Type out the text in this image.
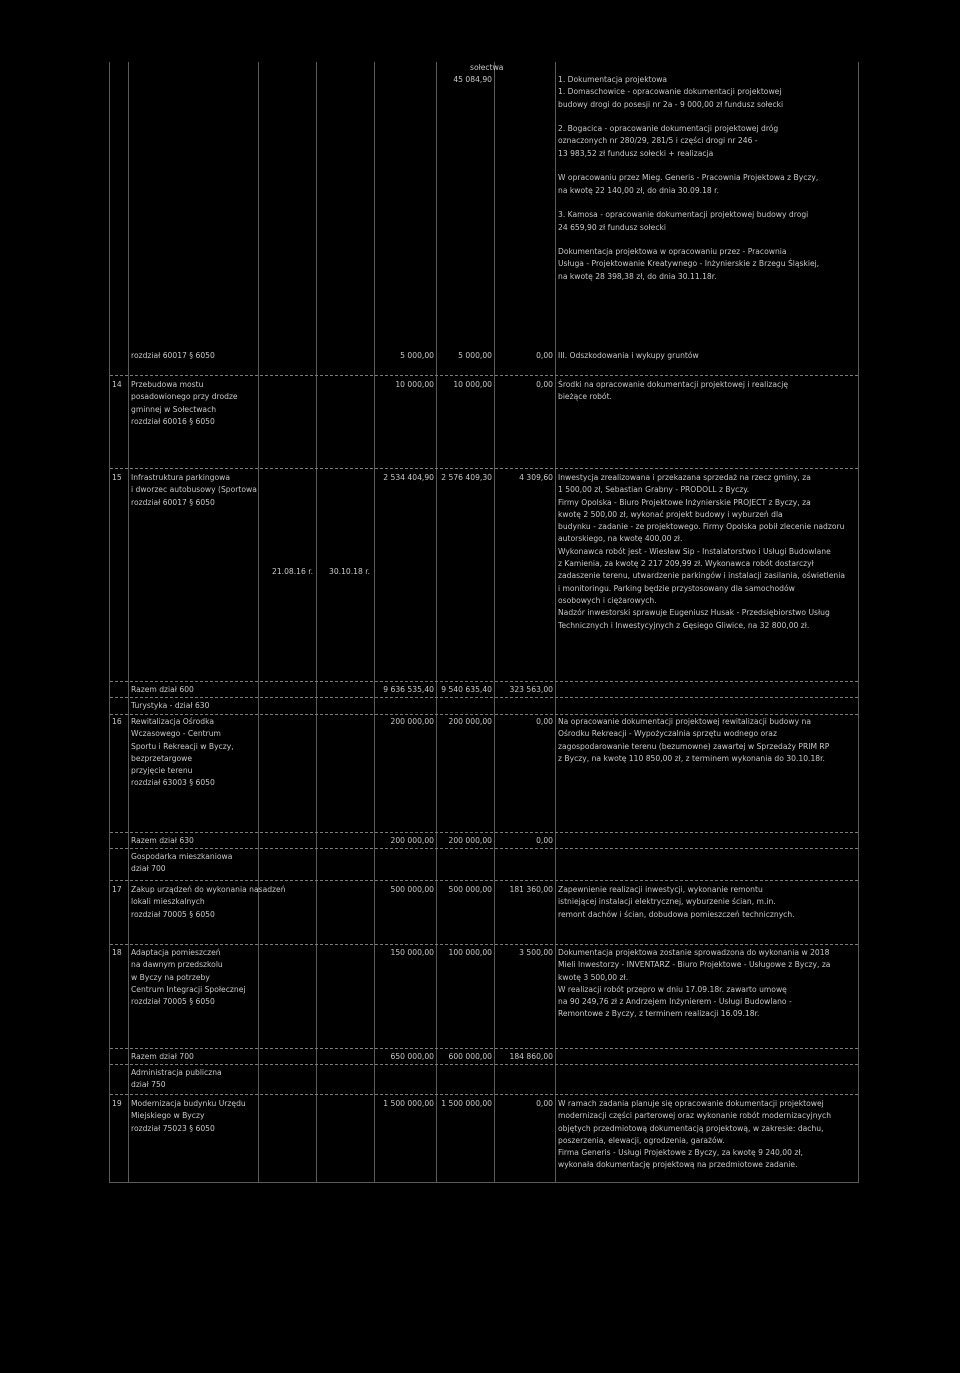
sołectwa
45 084,90	1. Dokumentacja projektowa
1. Domaschowice - opracowanie dokumentacji projektowej
budowy drogi do posesji nr 2a - 9 000,00 zł fundusz sołecki
2. Bogacica - opracowanie dokumentacji projektowej dróg
oznaczonych nr 280/29, 281/5 i części drogi nr 246 -
13 983,52 zł fundusz sołecki + realizacja
W opracowaniu przez Mieg. Generis - Pracownia Projektowa z Byczy,
na kwotę 22 140,00 zł, do dnia 30.09.18 r.
3. Kamosa - opracowanie dokumentacji projektowej budowy drogi
24 659,90 zł fundusz sołecki
Dokumentacja projektowa w opracowaniu przez - Pracownia
Usługa - Projektowanie Kreatywnego - Inżynierskie z Brzegu Śląskiej,
na kwotę 28 398,38 zł, do dnia 30.11.18r.
rozdział 60017 § 6050	5 000,00	5 000,00	0,00 III. Odszkodowania i wykupy gruntów
14 Przebudowa mostu
posadowionego przy drodze
gminnej w Sołectwach
rozdział 60016 § 6050
10 000,00	10 000,00	0,00 Środki na opracowanie dokumentacji projektowej i realizację
bieżące robót.
15 Infrastruktura parkingowa
i dworzec autobusowy (Sportowa
rozdział 60017 § 6050
21.08.16 r. 30.10.18 r.
2 534 404,90 2 576 409,30	4 309,60 Inwestycja zrealizowana i przekazana sprzedaż na rzecz gminy, za
1 500,00 zł, Sebastian Grabny - PRODOLL z Byczy.
Firmy Opolska - Biuro Projektowe Inżynierskie PROJECT z Byczy, za
kwotę 2 500,00 zł, wykonać projekt budowy i wyburzeń dla
budynku - zadanie - ze projektowego. Firmy Opolska pobił zlecenie nadzoru
autorskiego, na kwotę 400,00 zł.
Wykonawca robót jest - Wiesław Sip - Instalatorstwo i Usługi Budowlane
z Kamienia, za kwotę 2 217 209,99 zł. Wykonawca robót dostarczył
zadaszenie terenu, utwardzenie parkingów i instalacji zasilania, oświetlenia
i monitoringu. Parking będzie przystosowany dla samochodów
osobowych i ciężarowych.
Nadzór inwestorski sprawuje Eugeniusz Husak - Przedsiębiorstwo Usług
Technicznych i Inwestycyjnych z Gęsiego Gliwice, na 32 800,00 zł.
Razem dział 600	9 636 535,40 9 540 635,40	323 563,00
Turystyka - dział 630
16 Rewitalizacja Ośrodka
Wczasowego - Centrum
Sportu i Rekreacji w Byczy,
bezprzetargowe
przyjęcie terenu
rozdział 63003 § 6050
200 000,00	200 000,00	0,00 Na opracowanie dokumentacji projektowej rewitalizacji budowy na
Ośrodku Rekreacji - Wypożyczalnia sprzętu wodnego oraz
zagospodarowanie terenu (bezumowne) zawartej w Sprzedaży PRIM RP
z Byczy, na kwotę 110 850,00 zł, z terminem wykonania do 30.10.18r.
Razem dział 630	200 000,00	200 000,00	0,00
Gospodarka mieszkaniowa
dział 700
17 Zakup urządzeń do wykonania nasadzeń
lokali mieszkalnych
rozdział 70005 § 6050
500 000,00	500 000,00	181 360,00 Zapewnienie realizacji inwestycji, wykonanie remontu
istniejącej instalacji elektrycznej, wyburzenie ścian, m.in.
remont dachów i ścian, dobudowa pomieszczeń technicznych.
18 Adaptacja pomieszczeń
na dawnym przedszkolu
w Byczy na potrzeby
Centrum Integracji Społecznej
rozdział 70005 § 6050
150 000,00	100 000,00	3 500,00 Dokumentacja projektowa zostanie sprowadzona do wykonania w 2018
Mieli Inwestorzy - INVENTARZ - Biuro Projektowe - Usługowe z Byczy, za
kwotę 3 500,00 zł.
W realizacji robót przepro w dniu 17.09.18r. zawarto umowę
na 90 249,76 zł z Andrzejem Inżynierem - Usługi Budowlano -
Remontowe z Byczy, z terminem realizacji 16.09.18r.
Razem dział 700	650 000,00	600 000,00	184 860,00
Administracja publiczna
dział 750
19 Modernizacja budynku Urzędu
Miejskiego w Byczy
rozdział 75023 § 6050
1 500 000,00 1 500 000,00	0,00 W ramach zadania planuje się opracowanie dokumentacji projektowej
modernizacji części parterowej oraz wykonanie robót modernizacyjnych
objętych przedmiotową dokumentacją projektową, w zakresie: dachu,
poszerzenia, elewacji, ogrodzenia, garażów.
Firma Generis - Usługi Projektowe z Byczy, za kwotę 9 240,00 zł,
wykonała dokumentację projektową na przedmiotowe zadanie.
